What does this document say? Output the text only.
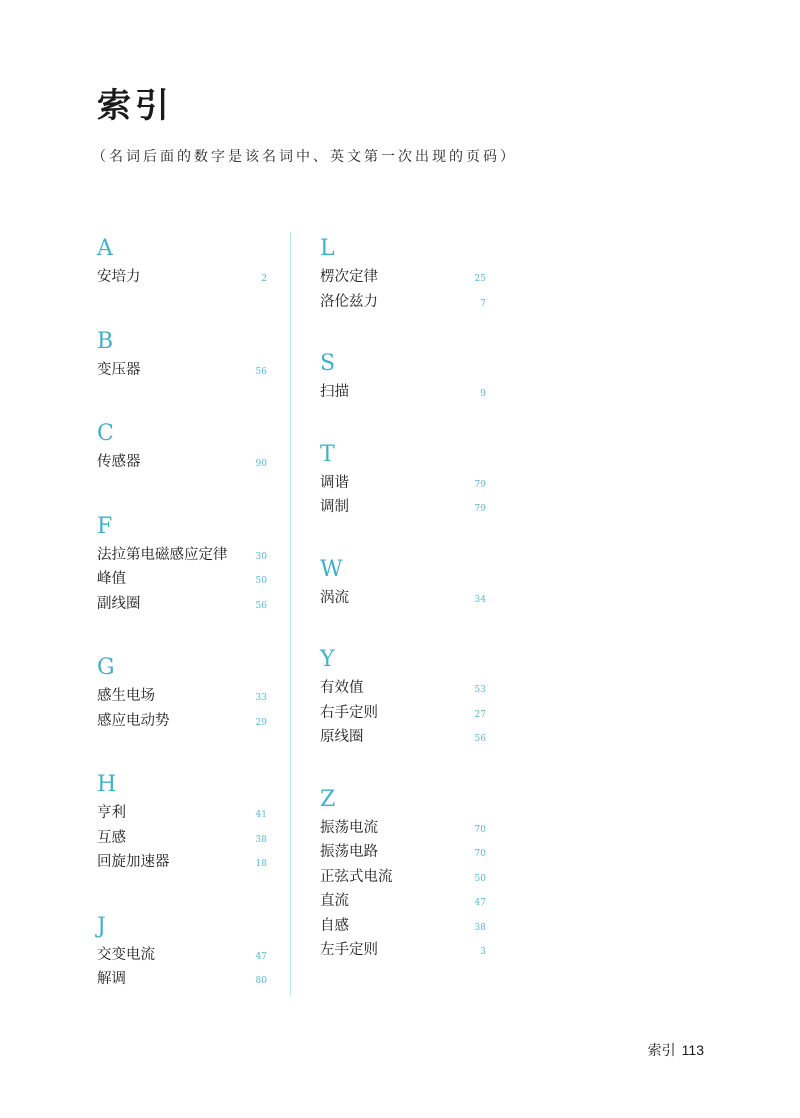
索引
（名词后面的数字是该名词中、英文第一次出现的页码）
A
安培力	2
B
变压器	56
C
传感器	90
F
法拉第电磁感应定律	30
峰值	50
副线圈	56
G
感生电场	33
感应电动势	29
H
亨利	41
互感	38
回旋加速器	18
J
交变电流	47
解调	80
L
楞次定律	25
洛伦兹力	7
S
扫描	9
T
调谐	79
调制	79
W
涡流	34
Y
有效值	53
右手定则	27
原线圈	56
Z
振荡电流	70
振荡电路	70
正弦式电流	50
直流	47
自感	38
左手定则	3
索引 113
